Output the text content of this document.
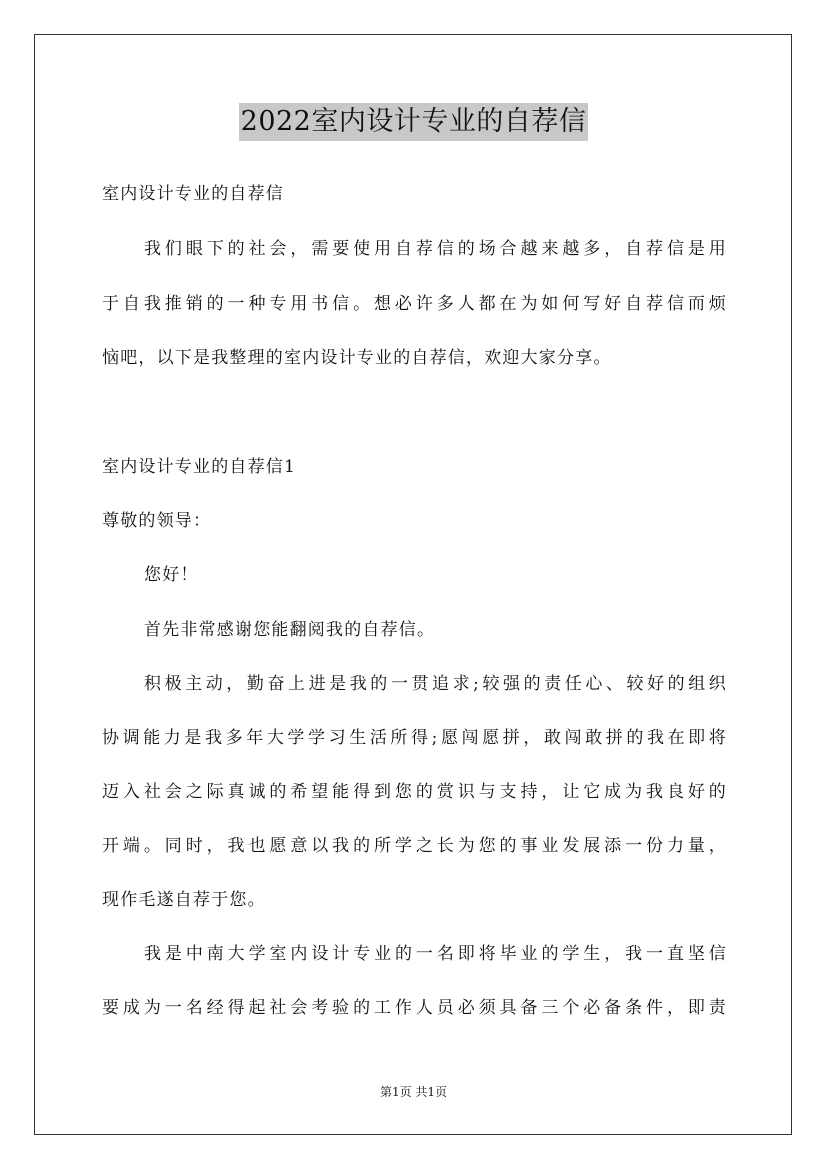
2022室内设计专业的自荐信
室内设计专业的自荐信
我们眼下的社会，需要使用自荐信的场合越来越多，自荐信是用
于自我推销的一种专用书信。想必许多人都在为如何写好自荐信而烦
恼吧，以下是我整理的室内设计专业的自荐信，欢迎大家分享。
室内设计专业的自荐信1
尊敬的领导：
您好！
首先非常感谢您能翻阅我的自荐信。
积极主动，勤奋上进是我的一贯追求;较强的责任心、较好的组织
协调能力是我多年大学学习生活所得;愿闯愿拼，敢闯敢拼的我在即将
迈入社会之际真诚的希望能得到您的赏识与支持，让它成为我良好的
开端。同时，我也愿意以我的所学之长为您的事业发展添一份力量，
现作毛遂自荐于您。
我是中南大学室内设计专业的一名即将毕业的学生，我一直坚信
要成为一名经得起社会考验的工作人员必须具备三个必备条件，即责
第1页 共1页
